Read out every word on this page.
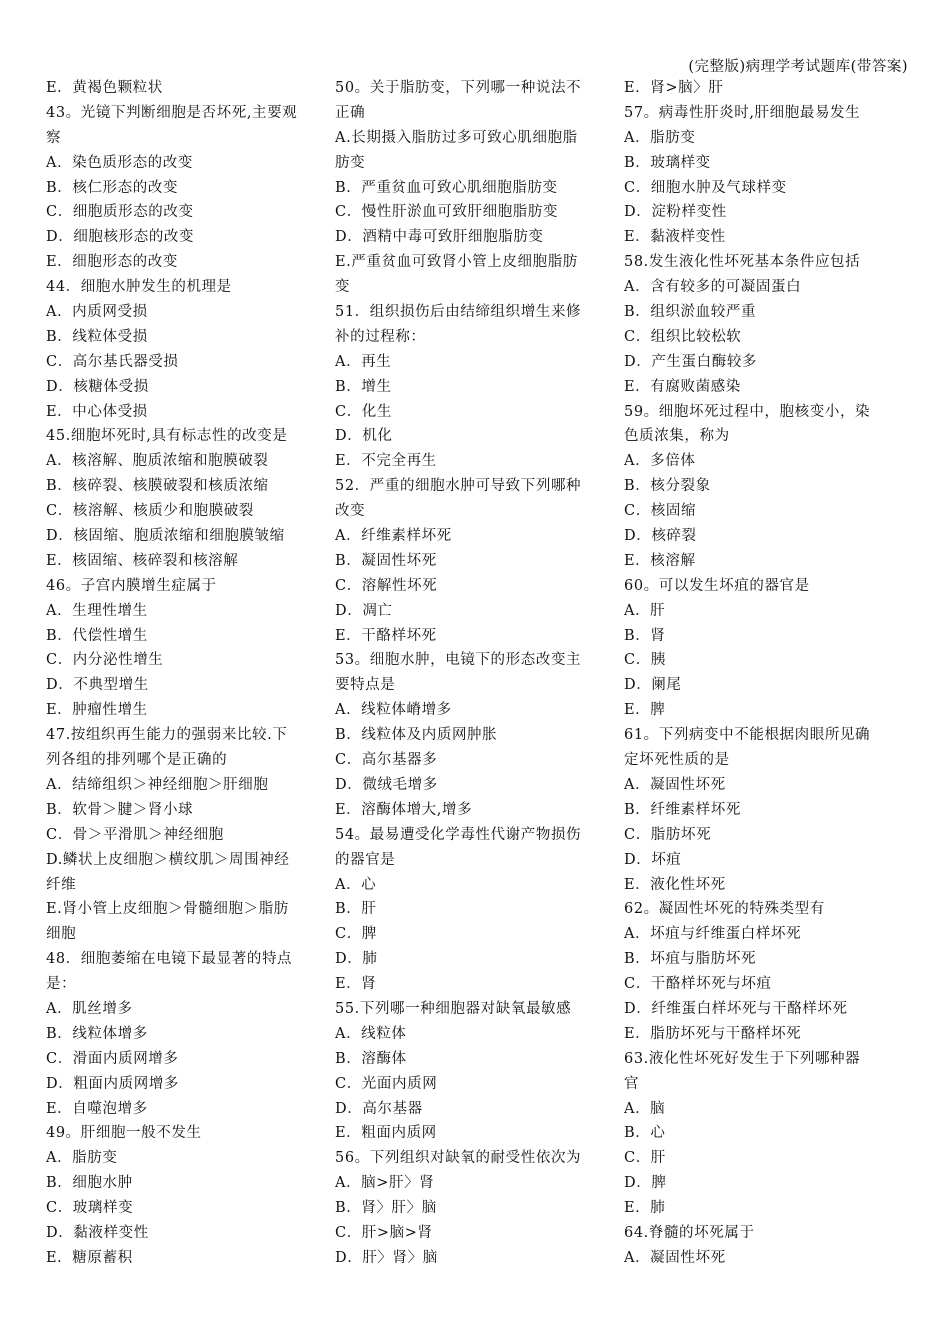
(完整版)病理学考试题库(带答案)
E．黄褐色颗粒状
43。光镜下判断细胞是否坏死,主要观
察
A．染色质形态的改变
B．核仁形态的改变
C．细胞质形态的改变
D．细胞核形态的改变
E．细胞形态的改变
44．细胞水肿发生的机理是
A．内质网受损
B．线粒体受损
C．高尔基氏器受损
D．核糖体受损
E．中心体受损
45.细胞坏死时,具有标志性的改变是
A．核溶解、胞质浓缩和胞膜破裂
B．核碎裂、核膜破裂和核质浓缩
C．核溶解、核质少和胞膜破裂
D．核固缩、胞质浓缩和细胞膜皱缩
E．核固缩、核碎裂和核溶解
46。子宫内膜增生症属于
A．生理性增生
B．代偿性增生
C．内分泌性增生
D．不典型增生
E．肿瘤性增生
47.按组织再生能力的强弱来比较.下
列各组的排列哪个是正确的
A．结缔组织＞神经细胞＞肝细胞
B．软骨＞腱＞肾小球
C．骨＞平滑肌＞神经细胞
D.鳞状上皮细胞＞横纹肌＞周围神经
纤维
E.肾小管上皮细胞＞骨髓细胞＞脂肪
细胞
48．细胞萎缩在电镜下最显著的特点
是：
A．肌丝增多
B．线粒体增多
C．滑面内质网增多
D．粗面内质网增多
E．自噬泡增多
49。肝细胞一般不发生
A．脂肪变
B．细胞水肿
C．玻璃样变
D．黏液样变性
E．糖原蓄积
50。关于脂肪变，下列哪一种说法不
正确
A.长期摄入脂肪过多可致心肌细胞脂
肪变
B．严重贫血可致心肌细胞脂肪变
C．慢性肝淤血可致肝细胞脂肪变
D．酒精中毒可致肝细胞脂肪变
E.严重贫血可致肾小管上皮细胞脂肪
变
51．组织损伤后由结缔组织增生来修
补的过程称：
A．再生
B．增生
C．化生
D．机化
E．不完全再生
52．严重的细胞水肿可导致下列哪种
改变
A．纤维素样坏死
B．凝固性坏死
C．溶解性坏死
D．凋亡
E．干酪样坏死
53。细胞水肿，电镜下的形态改变主
要特点是
A．线粒体嵴增多
B．线粒体及内质网肿胀
C．高尔基器多
D．微绒毛增多
E．溶酶体增大,增多
54。最易遭受化学毒性代谢产物损伤
的器官是
A．心
B．肝
C．脾
D．肺
E．肾
55.下列哪一种细胞器对缺氧最敏感
A．线粒体
B．溶酶体
C．光面内质网
D．高尔基器
E．粗面内质网
56。下列组织对缺氧的耐受性依次为
A．脑>肝〉肾
B．肾〉肝〉脑
C．肝>脑>肾
D．肝〉肾〉脑
E．肾>脑〉肝
57。病毒性肝炎时,肝细胞最易发生
A．脂肪变
B．玻璃样变
C．细胞水肿及气球样变
D．淀粉样变性
E．黏液样变性
58.发生液化性坏死基本条件应包括
A．含有较多的可凝固蛋白
B．组织淤血较严重
C．组织比较松软
D．产生蛋白酶较多
E．有腐败菌感染
59。细胞坏死过程中，胞核变小，染
色质浓集，称为
A．多倍体
B．核分裂象
C．核固缩
D．核碎裂
E．核溶解
60。可以发生坏疽的器官是
A．肝
B．肾
C．胰
D．阑尾
E．脾
61。下列病变中不能根据肉眼所见确
定坏死性质的是
A．凝固性坏死
B．纤维素样坏死
C．脂肪坏死
D．坏疽
E．液化性坏死
62。凝固性坏死的特殊类型有
A．坏疽与纤维蛋白样坏死
B．坏疽与脂肪坏死
C．干酪样坏死与坏疽
D．纤维蛋白样坏死与干酪样坏死
E．脂肪坏死与干酪样坏死
63.液化性坏死好发生于下列哪种器
官
A．脑
B．心
C．肝
D．脾
E．肺
64.脊髓的坏死属于
A．凝固性坏死
